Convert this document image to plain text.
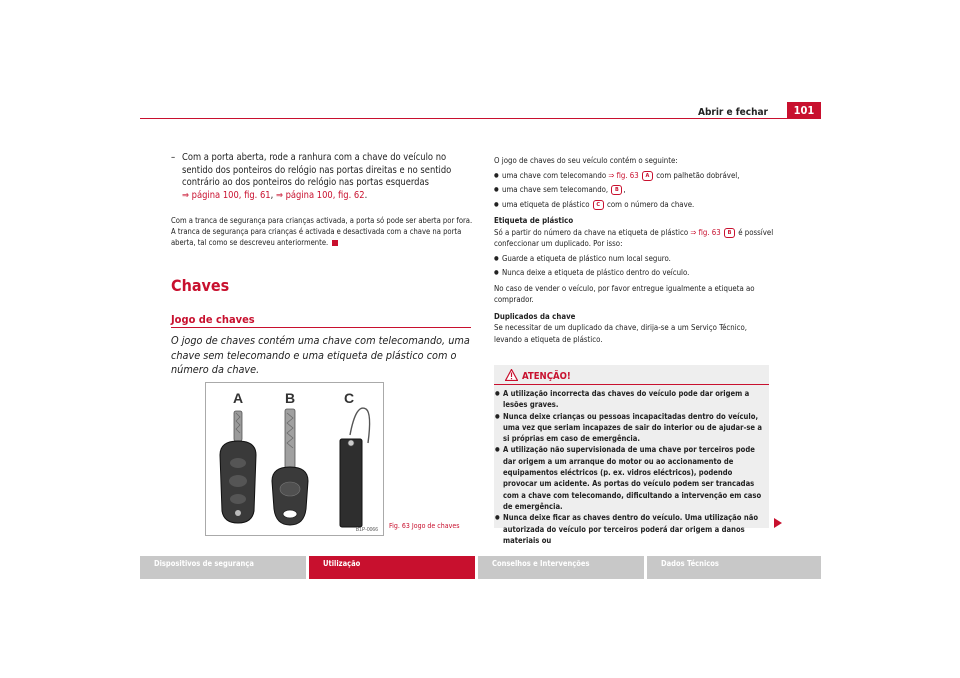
Abrir e fechar	101
– Com a porta aberta, rode a ranhura com a chave do veículo no sentido dos ponteiros do relógio nas portas direitas e no sentido contrário ao dos ponteiros do relógio nas portas esquerdas
⇒ página 100, fig. 61, ⇒ página 100, fig. 62.
Com a tranca de segurança para crianças activada, a porta só pode ser aberta por fora. A tranca de segurança para crianças é activada e desactivada com a chave na porta aberta, tal como se descreveu anteriormente.
Chaves
Jogo de chaves
O jogo de chaves contém uma chave com telecomando, uma chave sem telecomando e uma etiqueta de plástico com o número da chave.
A	B	C
B1P-0066 Fig. 63 Jogo de chaves
O jogo de chaves do seu veículo contém o seguinte:
● uma chave com telecomando ⇒ fig. 63 A com palhetão dobrável,
● uma chave sem telecomando, B ,
● uma etiqueta de plástico C com o número da chave.
Etiqueta de plástico
Só a partir do número da chave na etiqueta de plástico ⇒ fig. 63 B é possível confeccionar um duplicado. Por isso:
● Guarde a etiqueta de plástico num local seguro.
● Nunca deixe a etiqueta de plástico dentro do veículo.
No caso de vender o veículo, por favor entregue igualmente a etiqueta ao comprador.
Duplicados da chave
Se necessitar de um duplicado da chave, dirija-se a um Serviço Técnico, levando a etiqueta de plástico.
ATENÇÃO!
● A utilização incorrecta das chaves do veículo pode dar origem a lesões graves.
● Nunca deixe crianças ou pessoas incapacitadas dentro do veículo, uma vez que seriam incapazes de sair do interior ou de ajudar-se a si próprias em caso de emergência.
● A utilização não supervisionada de uma chave por terceiros pode dar origem a um arranque do motor ou ao accionamento de equipamentos eléctricos (p. ex. vidros eléctricos), podendo provocar um acidente. As portas do veículo podem ser trancadas com a chave com telecomando, dificultando a intervenção em caso de emergência.
● Nunca deixe ficar as chaves dentro do veículo. Uma utilização não autorizada do veículo por terceiros poderá dar origem a danos materiais ou
Dispositivos de segurança	Utilização	Conselhos e Intervenções	Dados Técnicos
